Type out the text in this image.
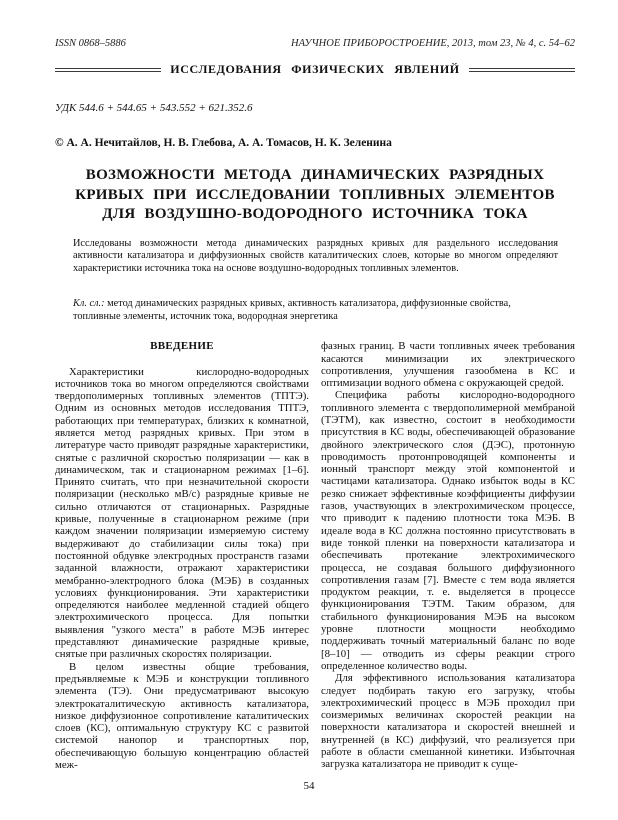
ISSN 0868–5886	НАУЧНОЕ ПРИБОРОСТРОЕНИЕ, 2013, том 23, № 4, с. 54–62
ИССЛЕДОВАНИЯ ФИЗИЧЕСКИХ ЯВЛЕНИЙ
УДК 544.6 + 544.65 + 543.552 + 621.352.6
© А. А. Нечитайлов, Н. В. Глебова, А. А. Томасов, Н. К. Зеленина
ВОЗМОЖНОСТИ МЕТОДА ДИНАМИЧЕСКИХ РАЗРЯДНЫХ
КРИВЫХ ПРИ ИССЛЕДОВАНИИ ТОПЛИВНЫХ ЭЛЕМЕНТОВ
ДЛЯ ВОЗДУШНО-ВОДОРОДНОГО ИСТОЧНИКА ТОКА

Исследованы возможности метода динамических разрядных кривых для раздельного исследования активности катализатора и диффузионных свойств каталитических слоев, которые во многом определяют характеристики источника тока на основе воздушно-водородных топливных элементов.

Кл. сл.: метод динамических разрядных кривых, активность катализатора, диффузионные свойства, топливные элементы, источник тока, водородная энергетика

ВВЕДЕНИЕ

Характеристики кислородно-водородных источников тока во многом определяются свойствами твердополимерных топливных элементов (ТПТЭ). Одним из основных методов исследования ТПТЭ, работающих при температурах, близких к комнатной, является метод разрядных кривых. При этом в литературе часто приводят разрядные характеристики, снятые с различной скоростью поляризации — как в динамическом, так и стационарном режимах [1–6]. Принято считать, что при незначительной скорости поляризации (несколько мВ/с) разрядные кривые не сильно отличаются от стационарных. Разрядные кривые, полученные в стационарном режиме (при каждом значении поляризации измеряемую систему выдерживают до стабилизации силы тока) при постоянной обдувке электродных пространств газами заданной влажности, отражают характеристики мембранно-электродного блока (МЭБ) в созданных условиях функционирования. Эти характеристики определяются наиболее медленной стадией общего электрохимического процесса. Для попытки выявления "узкого места" в работе МЭБ интерес представляют динамические разрядные кривые, снятые при различных скоростях поляризации.

В целом известны общие требования, предъявляемые к МЭБ и конструкции топливного элемента (ТЭ). Они предусматривают высокую электрокаталитическую активность катализатора, низкое диффузионное сопротивление каталитических слоев (КС), оптимальную структуру КС с развитой системой нанопор и транспортных пор, обеспечивающую большую концентрацию областей меж-

фазных границ. В части топливных ячеек требования касаются минимизации их электрического сопротивления, улучшения газообмена в КС и оптимизации водного обмена с окружающей средой.

Специфика работы кислородно-водородного топливного элемента с твердополимерной мембраной (ТЭТМ), как известно, состоит в необходимости присутствия в КС воды, обеспечивающей образование двойного электрического слоя (ДЭС), протонную проводимость протонпроводящей компоненты и ионный транспорт между этой компонентой и частицами катализатора. Однако избыток воды в КС резко снижает эффективные коэффициенты диффузии газов, участвующих в электрохимическом процессе, что приводит к падению плотности тока МЭБ. В идеале вода в КС должна постоянно присутствовать в виде тонкой пленки на поверхности катализатора и обеспечивать протекание электрохимического процесса, не создавая большого диффузионного сопротивления газам [7]. Вместе с тем вода является продуктом реакции, т. е. выделяется в процессе функционирования ТЭТМ. Таким образом, для стабильного функционирования МЭБ на высоком уровне плотности мощности необходимо поддерживать точный материальный баланс по воде [8–10] — отводить из сферы реакции строго определенное количество воды.

Для эффективного использования катализатора следует подбирать такую его загрузку, чтобы электрохимический процесс в МЭБ проходил при соизмеримых величинах скоростей реакции на поверхности катализатора и скоростей внешней и внутренней (в КС) диффузий, что реализуется при работе в области смешанной кинетики. Избыточная загрузка катализатора не приводит к суще-

54
